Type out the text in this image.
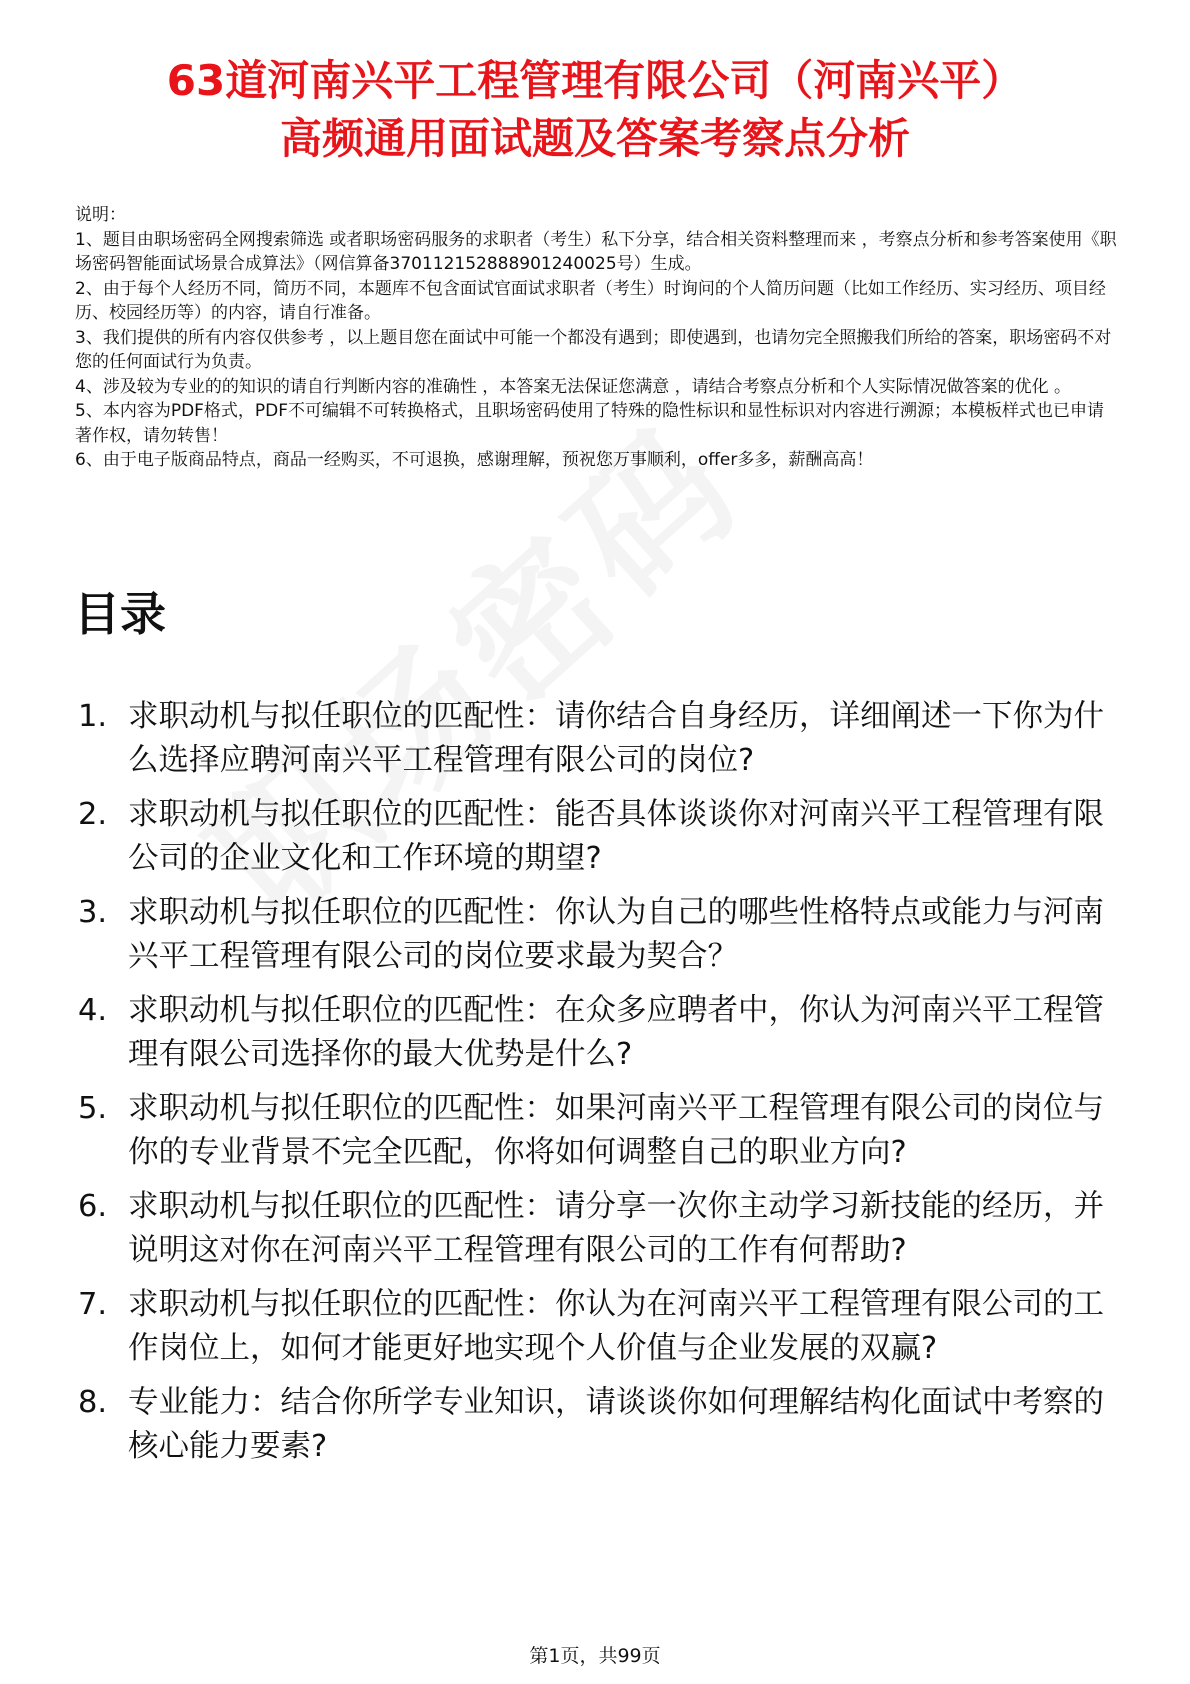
63道河南兴平工程管理有限公司（河南兴平）
高频通用面试题及答案考察点分析

说明：

1、题目由职场密码全网搜索筛选 或者职场密码服务的求职者（考生）私下分享，结合相关资料整理而来 ，考察点分析和参考答案使用《职场密码智能面试场景合成算法》（网信算备370112152888901240025号）生成。

2、由于每个人经历不同，简历不同，本题库不包含面试官面试求职者（考生）时询问的个人简历问题（比如工作经历、实习经历、项目经历、校园经历等）的内容，请自行准备。

3、我们提供的所有内容仅供参考 ，以上题目您在面试中可能一个都没有遇到；即使遇到，也请勿完全照搬我们所给的答案，职场密码不对您的任何面试行为负责。

4、涉及较为专业的的知识的请自行判断内容的准确性 ，本答案无法保证您满意 ，请结合考察点分析和个人实际情况做答案的优化 。

5、本内容为PDF格式，PDF不可编辑不可转换格式，且职场密码使用了特殊的隐性标识和显性标识对内容进行溯源；本模板样式也已申请著作权，请勿转售！

6、由于电子版商品特点，商品一经购买，不可退换，感谢理解，预祝您万事顺利，offer多多，薪酬高高！

目录
1. 求职动机与拟任职位的匹配性：请你结合自身经历，详细阐述一下你为什么选择应聘河南兴平工程管理有限公司的岗位?
2. 求职动机与拟任职位的匹配性：能否具体谈谈你对河南兴平工程管理有限公司的企业文化和工作环境的期望?
3. 求职动机与拟任职位的匹配性：你认为自己的哪些性格特点或能力与河南兴平工程管理有限公司的岗位要求最为契合？
4. 求职动机与拟任职位的匹配性：在众多应聘者中，你认为河南兴平工程管理有限公司选择你的最大优势是什么?
5. 求职动机与拟任职位的匹配性：如果河南兴平工程管理有限公司的岗位与你的专业背景不完全匹配，你将如何调整自己的职业方向?
6. 求职动机与拟任职位的匹配性：请分享一次你主动学习新技能的经历，并说明这对你在河南兴平工程管理有限公司的工作有何帮助?
7. 求职动机与拟任职位的匹配性：你认为在河南兴平工程管理有限公司的工作岗位上，如何才能更好地实现个人价值与企业发展的双赢?
8. 专业能力：结合你所学专业知识，请谈谈你如何理解结构化面试中考察的核心能力要素?
第1页，共99页
